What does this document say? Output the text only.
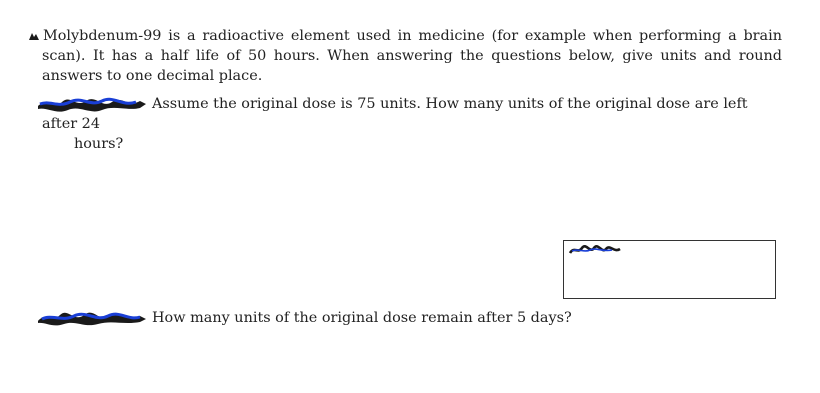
Molybdenum-99 is a radioactive element used in medicine (for example when performing a brain scan). It has a half life of 50 hours. When answering the questions below, give units and round answers to one decimal place.
Assume the original dose is 75 units. How many units of the original dose are left after 24
hours?
How many units of the original dose remain after 5 days?
